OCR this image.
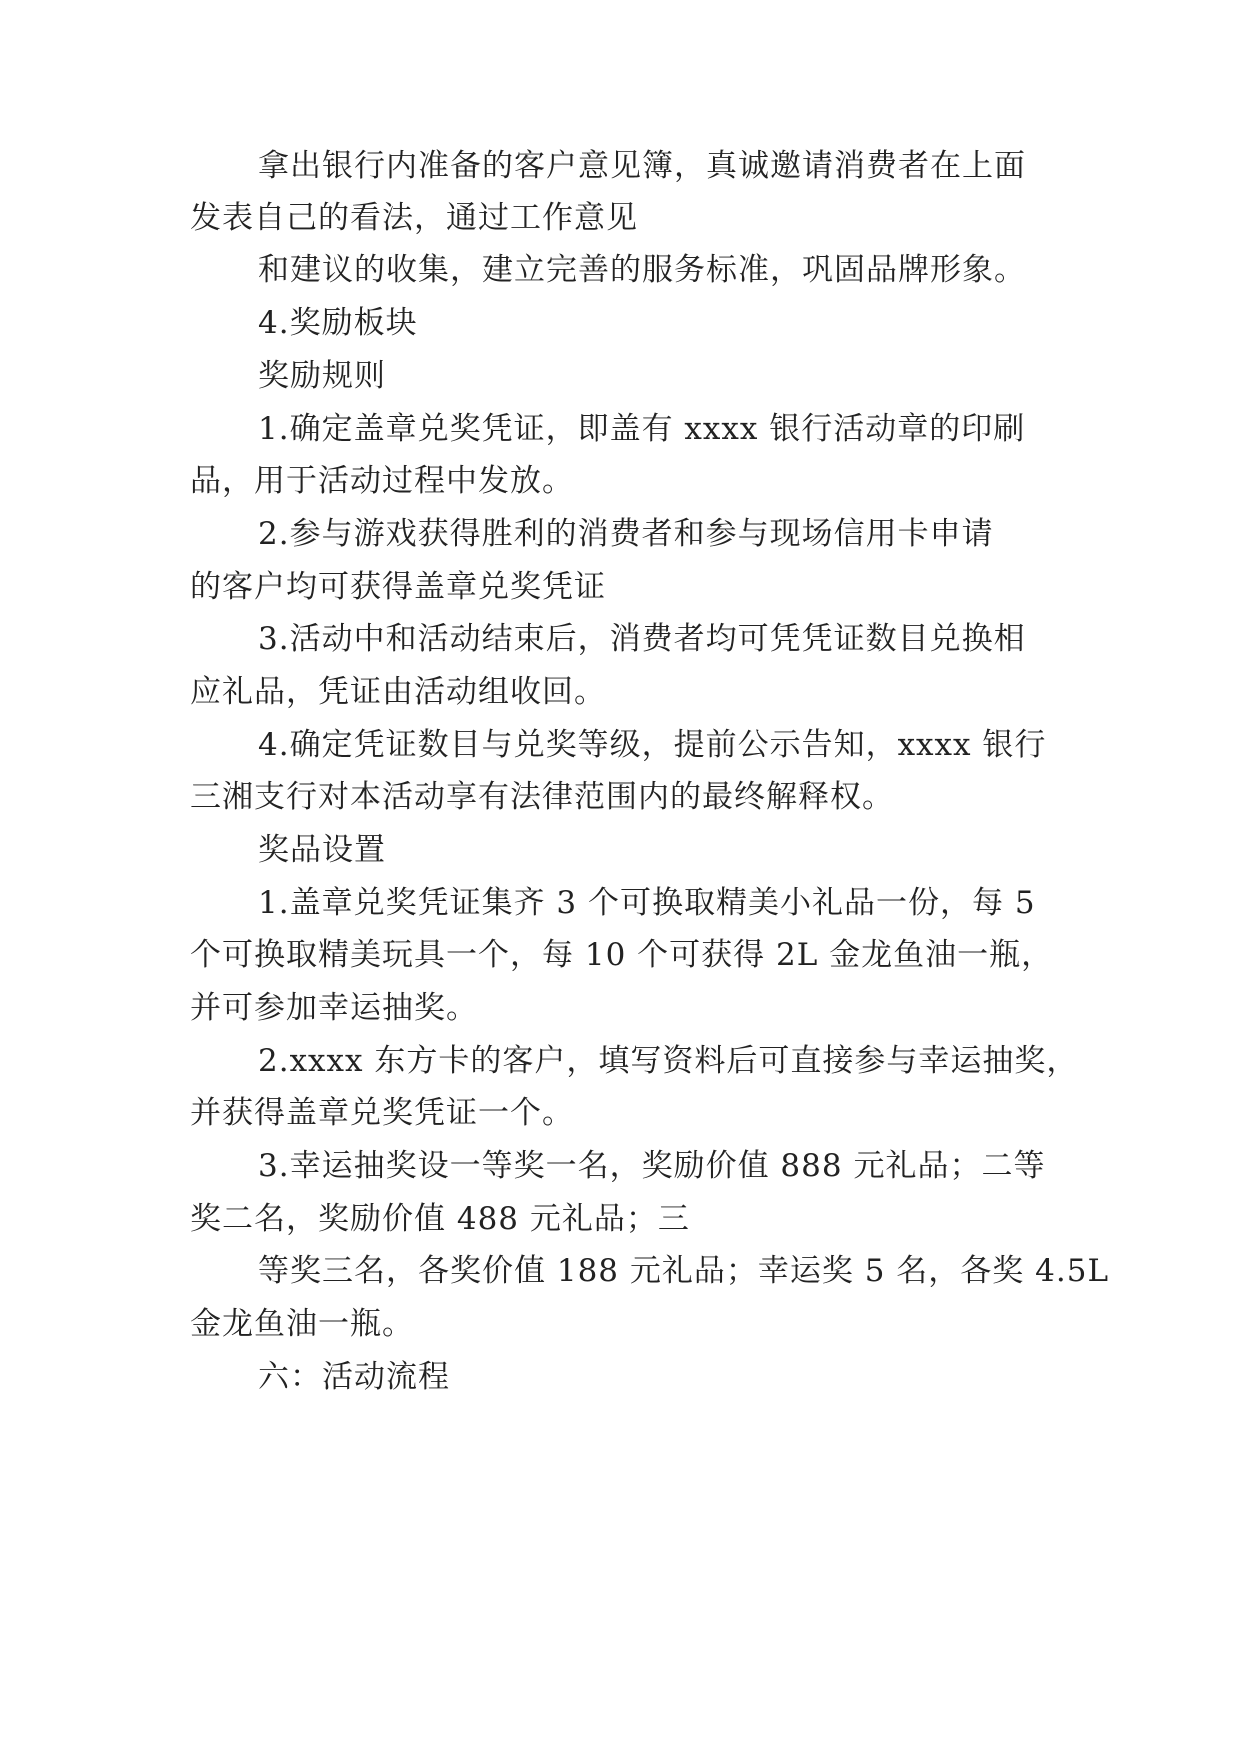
拿出银行内准备的客户意见簿，真诚邀请消费者在上面
发表自己的看法，通过工作意见
和建议的收集，建立完善的服务标准，巩固品牌形象。
4.奖励板块
奖励规则
1.确定盖章兑奖凭证，即盖有 xxxx 银行活动章的印刷
品，用于活动过程中发放。
2.参与游戏获得胜利的消费者和参与现场信用卡申请
的客户均可获得盖章兑奖凭证
3.活动中和活动结束后，消费者均可凭凭证数目兑换相
应礼品，凭证由活动组收回。
4.确定凭证数目与兑奖等级，提前公示告知，xxxx 银行
三湘支行对本活动享有法律范围内的最终解释权。
奖品设置
1.盖章兑奖凭证集齐 3 个可换取精美小礼品一份，每 5
个可换取精美玩具一个，每 10 个可获得 2L 金龙鱼油一瓶，
并可参加幸运抽奖。
2.xxxx 东方卡的客户，填写资料后可直接参与幸运抽奖，
并获得盖章兑奖凭证一个。
3.幸运抽奖设一等奖一名，奖励价值 888 元礼品；二等
奖二名，奖励价值 488 元礼品；三
等奖三名，各奖价值 188 元礼品；幸运奖 5 名，各奖 4.5L
金龙鱼油一瓶。
六：活动流程
